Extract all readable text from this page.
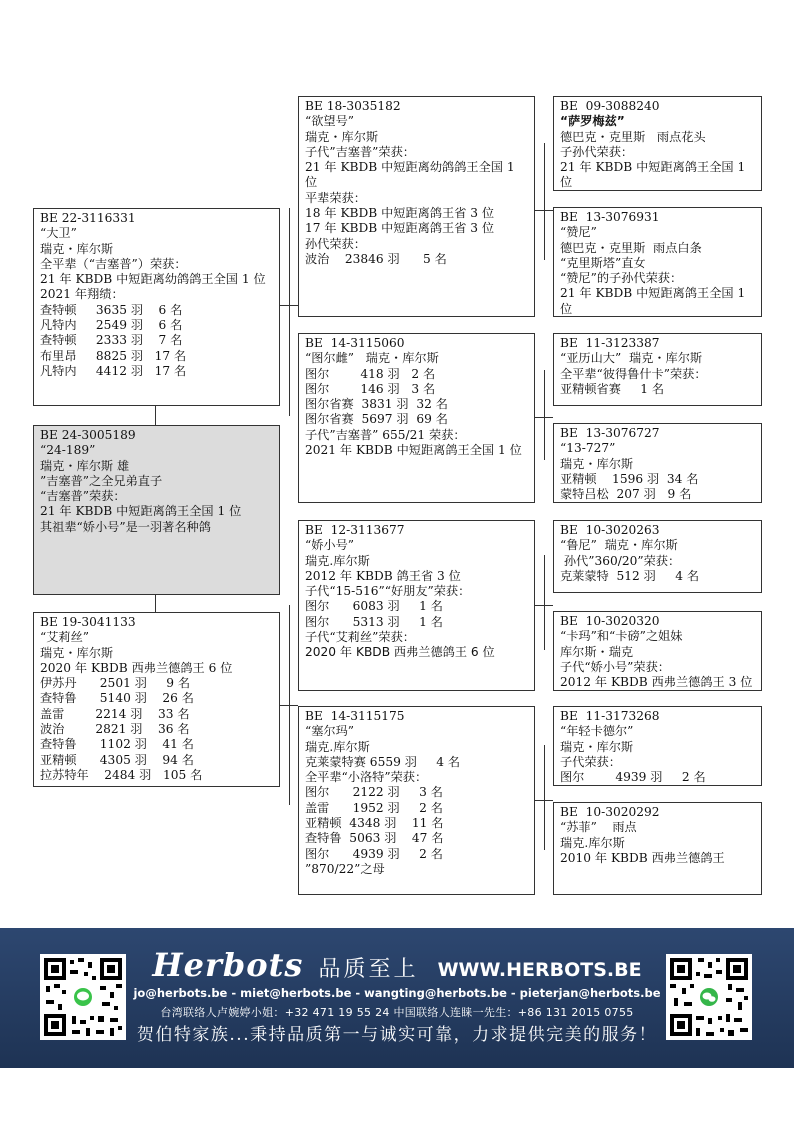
BE 22-3116331
“大卫”
瑞克・库尔斯
全平辈（“吉塞普”）荣获：
21 年 KBDB 中短距离幼鸽鸽王全国 1 位
2021 年翔绩：
查特顿     3635 羽    6 名
凡特内     2549 羽    6 名
查特顿     2333 羽    7 名
布里昂     8825 羽   17 名
凡特内     4412 羽   17 名
BE 24-3005189
“24-189”
瑞克・库尔斯 雄
”吉塞普”之全兄弟直子
“吉塞普”荣获：
21 年 KBDB 中短距离鸽王全国 1 位
其祖辈“娇小号”是一羽著名种鸽
BE 19-3041133
“艾莉丝”
瑞克・库尔斯
2020 年 KBDB 西弗兰德鸽王 6 位
伊苏丹      2501 羽     9 名
查特鲁      5140 羽    26 名
盖雷        2214 羽    33 名
波治        2821 羽    36 名
查特鲁      1102 羽    41 名
亚精顿      4305 羽    94 名
拉苏特年    2484 羽   105 名
BE 18-3035182
“欲望号”
瑞克・库尔斯
子代”吉塞普”荣获：
21 年 KBDB 中短距离幼鸽鸽王全国 1
位
平辈荣获：
18 年 KBDB 中短距离鸽王省 3 位
17 年 KBDB 中短距离鸽王省 3 位
孙代荣获：
波治    23846 羽      5 名
BE  14-3115060
“图尔雌”   瑞克・库尔斯
图尔        418 羽   2 名
图尔        146 羽   3 名
图尔省赛  3831 羽  32 名
图尔省赛  5697 羽  69 名
子代”吉塞普” 655/21 荣获：
2021 年 KBDB 中短距离鸽王全国 1 位
BE  12-3113677
“娇小号”
瑞克.库尔斯
2012 年 KBDB 鸽王省 3 位
子代“15-516”“好朋友”荣获：
图尔      6083 羽     1 名
图尔      5313 羽     1 名
子代“艾莉丝”荣获：
2020 年 KBDB 西弗兰德鸽王 6 位
BE  14-3115175
“塞尔玛”
瑞克.库尔斯
克莱蒙特赛 6559 羽     4 名
全平辈“小洛特”荣获：
图尔      2122 羽     3 名
盖雷      1952 羽     2 名
亚精顿  4348 羽    11 名
查特鲁  5063 羽    47 名
图尔      4939 羽     2 名
”870/22”之母
BE  09-3088240
“萨罗梅兹”
德巴克・克里斯   雨点花头
子孙代荣获：
21 年 KBDB 中短距离鸽王全国 1
位
BE  13-3076931
“赞尼”
德巴克・克里斯  雨点白条
“克里斯塔”直女
“赞尼”的子孙代荣获：
21 年 KBDB 中短距离鸽王全国 1
位
BE  11-3123387
“亚历山大”  瑞克・库尔斯
全平辈“彼得鲁什卡”荣获：
亚精顿省赛     1 名
BE  13-3076727
“13-727”
瑞克・库尔斯
亚精顿    1596 羽  34 名
蒙特吕松  207 羽   9 名
BE  10-3020263
“鲁尼”  瑞克・库尔斯
孙代”360/20”荣获：
克莱蒙特  512 羽     4 名
BE  10-3020320
“卡玛”和“卡磅”之姐妹
库尔斯・瑞克
子代“娇小号”荣获：
2012 年 KBDB 西弗兰德鸽王 3 位
BE  11-3173268
“年轻卡德尔”
瑞克・库尔斯
子代荣获：
图尔        4939 羽     2 名
BE  10-3020292
“苏菲”    雨点
瑞克.库尔斯
2010 年 KBDB 西弗兰德鸽王
Herbots 品质至上 WWW.HERBOTS.BE
jo@herbots.be - miet@herbots.be - wangting@herbots.be - pieterjan@herbots.be
台湾联络人卢婉婷小姐：+32 471 19 55 24 中国联络人连睐一先生：+86 131 2015 0755
贺伯特家族...秉持品质第一与诚实可靠，力求提供完美的服务！
